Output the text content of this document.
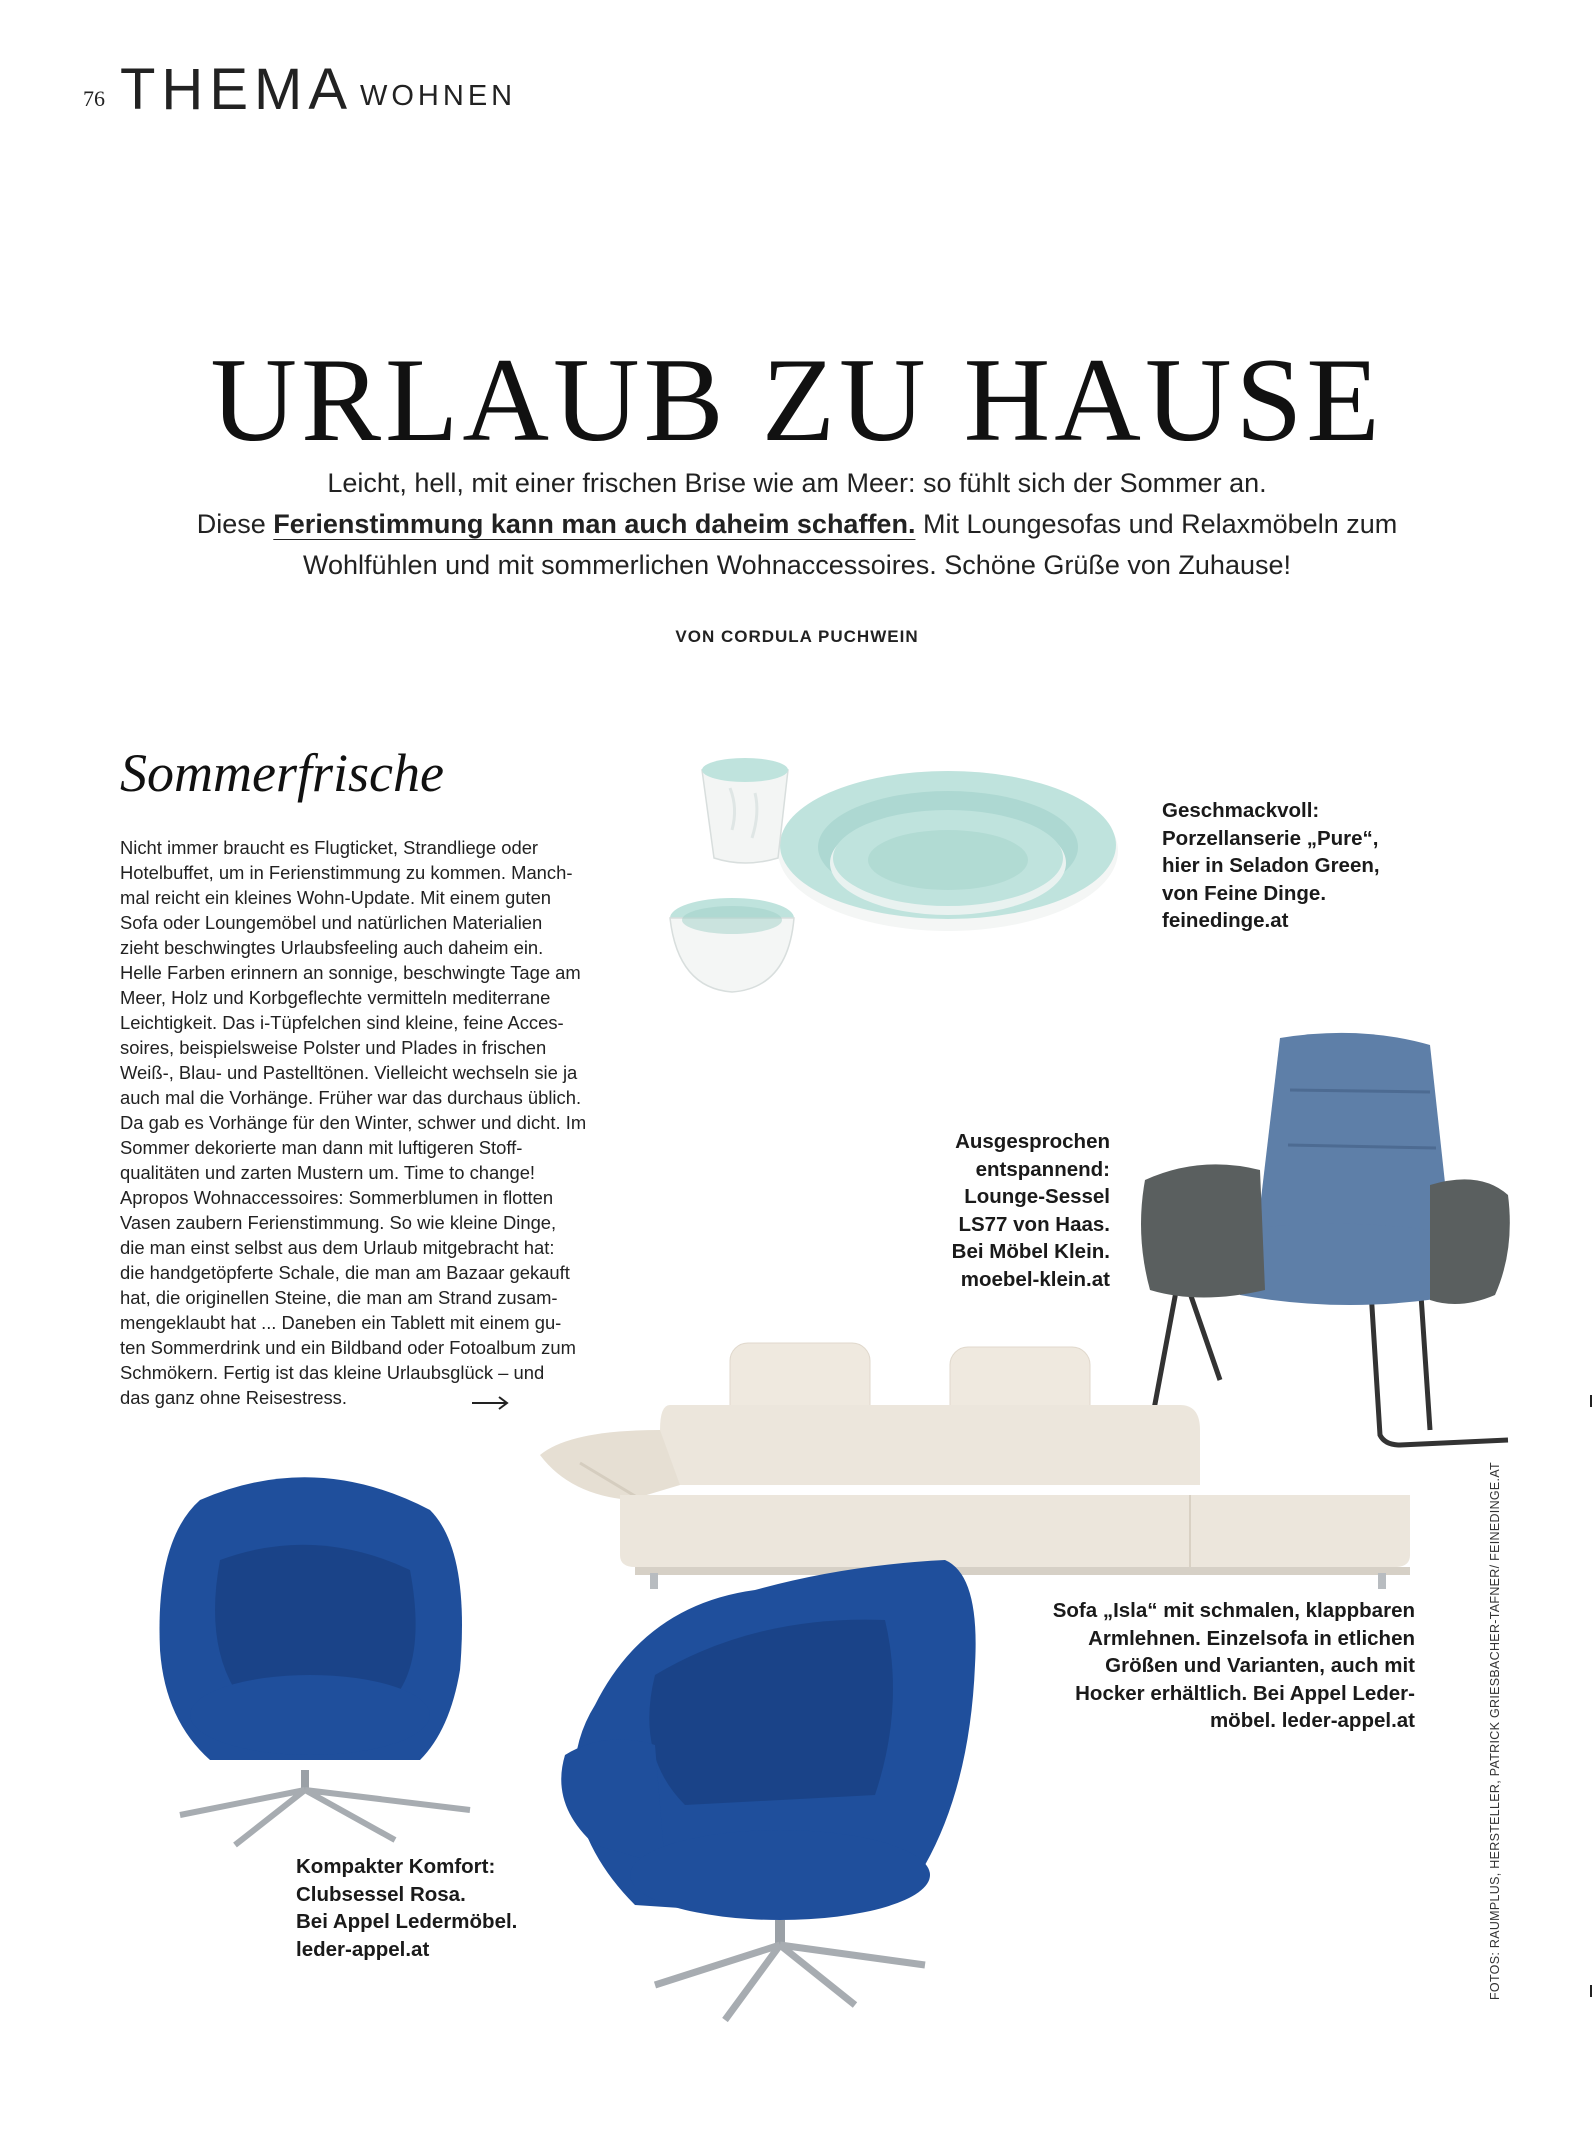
76 THEMA WOHNEN
URLAUB ZU HAUSE
Leicht, hell, mit einer frischen Brise wie am Meer: so fühlt sich der Sommer an.
Diese Ferienstimmung kann man auch daheim schaffen. Mit Loungesofas und Relaxmöbeln zum
Wohlfühlen und mit sommerlichen Wohnaccessoires. Schöne Grüße von Zuhause!
VON CORDULA PUCHWEIN
Sommerfrische
Nicht immer braucht es Flugticket, Strandliege oder
Hotelbuffet, um in Ferienstimmung zu kommen. Manch-
mal reicht ein kleines Wohn-Update. Mit einem guten
Sofa oder Loungemöbel und natürlichen Materialien
zieht beschwingtes Urlaubsfeeling auch daheim ein.
Helle Farben erinnern an sonnige, beschwingte Tage am
Meer, Holz und Korbgeflechte vermitteln mediterrane
Leichtigkeit. Das i-Tüpfelchen sind kleine, feine Acces-
soires, beispielsweise Polster und Plades in frischen
Weiß-, Blau- und Pastelltönen. Vielleicht wechseln sie ja
auch mal die Vorhänge. Früher war das durchaus üblich.
Da gab es Vorhänge für den Winter, schwer und dicht. Im
Sommer dekorierte man dann mit luftigeren Stoff-
qualitäten und zarten Mustern um. Time to change!
Apropos Wohnaccessoires: Sommerblumen in flotten
Vasen zaubern Ferienstimmung. So wie kleine Dinge,
die man einst selbst aus dem Urlaub mitgebracht hat:
die handgetöpferte Schale, die man am Bazaar gekauft
hat, die originellen Steine, die man am Strand zusam-
mengeklaubt hat ... Daneben ein Tablett mit einem gu-
ten Sommerdrink und ein Bildband oder Fotoalbum zum
Schmökern. Fertig ist das kleine Urlaubsglück – und
das ganz ohne Reisestress.
Geschmackvoll:
Porzellanserie „Pure“,
hier in Seladon Green,
von Feine Dinge.
feinedinge.at
Ausgesprochen
entspannend:
Lounge-Sessel
LS77 von Haas.
Bei Möbel Klein.
moebel-klein.at
Sofa „Isla“ mit schmalen, klappbaren
Armlehnen. Einzelsofa in etlichen
Größen und Varianten, auch mit
Hocker erhältlich. Bei Appel Leder-
möbel. leder-appel.at
Kompakter Komfort:
Clubsessel Rosa.
Bei Appel Ledermöbel.
leder-appel.at	FOTOS: RAUMPLUS, HERSTELLER, PATRICK GRIESBACHER-TAFNER/ FEINEDINGE.AT
